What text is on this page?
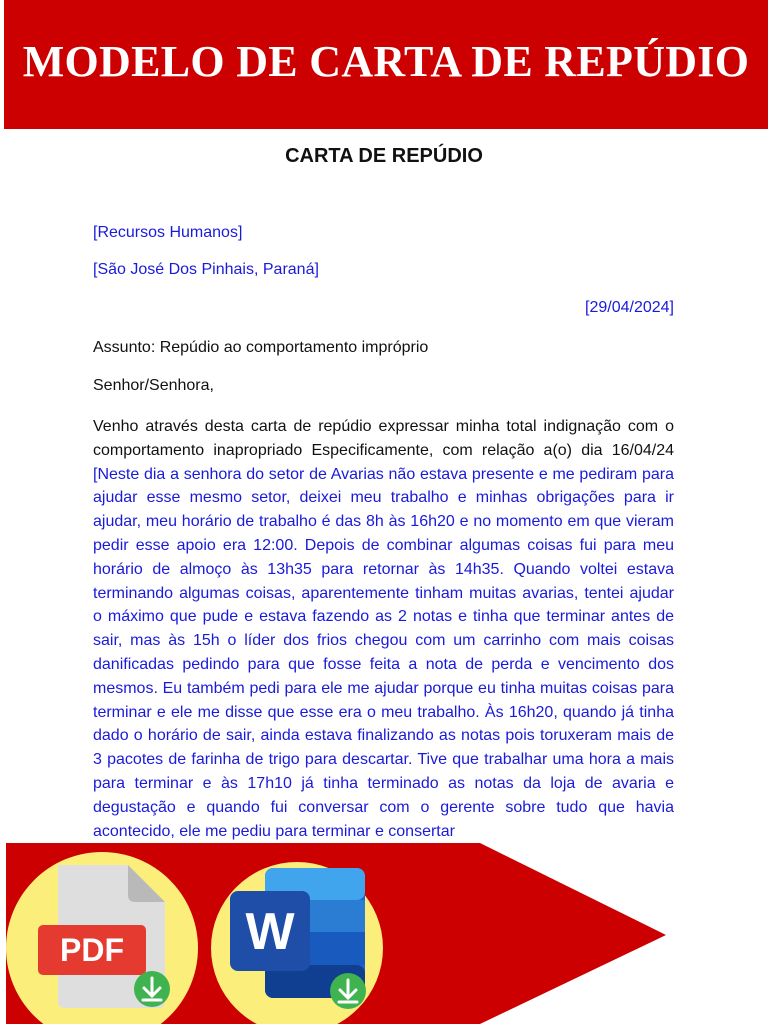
MODELO DE CARTA DE REPÚDIO
CARTA DE REPÚDIO
[Recursos Humanos]
[São José Dos Pinhais, Paraná]
[29/04/2024]
Assunto: Repúdio ao comportamento impróprio
Senhor/Senhora,
Venho através desta carta de repúdio expressar minha total indignação com o comportamento inapropriado Especificamente, com relação a(o) dia 16/04/24 [Neste dia a senhora do setor de Avarias não estava presente e me pediram para ajudar esse mesmo setor, deixei meu trabalho e minhas obrigações para ir ajudar, meu horário de trabalho é das 8h às 16h20 e no momento em que vieram pedir esse apoio era 12:00. Depois de combinar algumas coisas fui para meu horário de almoço às 13h35 para retornar às 14h35. Quando voltei estava terminando algumas coisas, aparentemente tinham muitas avarias, tentei ajudar o máximo que pude e estava fazendo as 2 notas e tinha que terminar antes de sair, mas às 15h o líder dos frios chegou com um carrinho com mais coisas danificadas pedindo para que fosse feita a nota de perda e vencimento dos mesmos. Eu também pedi para ele me ajudar porque eu tinha muitas coisas para terminar e ele me disse que esse era o meu trabalho. Às 16h20, quando já tinha dado o horário de sair, ainda estava finalizando as notas pois toruxeram mais de 3 pacotes de farinha de trigo para descartar. Tive que trabalhar uma hora a mais para terminar e às 17h10 já tinha terminado as notas da loja de avaria e degustação e quando fui conversar com o gerente sobre tudo que havia acontecido, ele me pediu para terminar e consertar
PDF W
